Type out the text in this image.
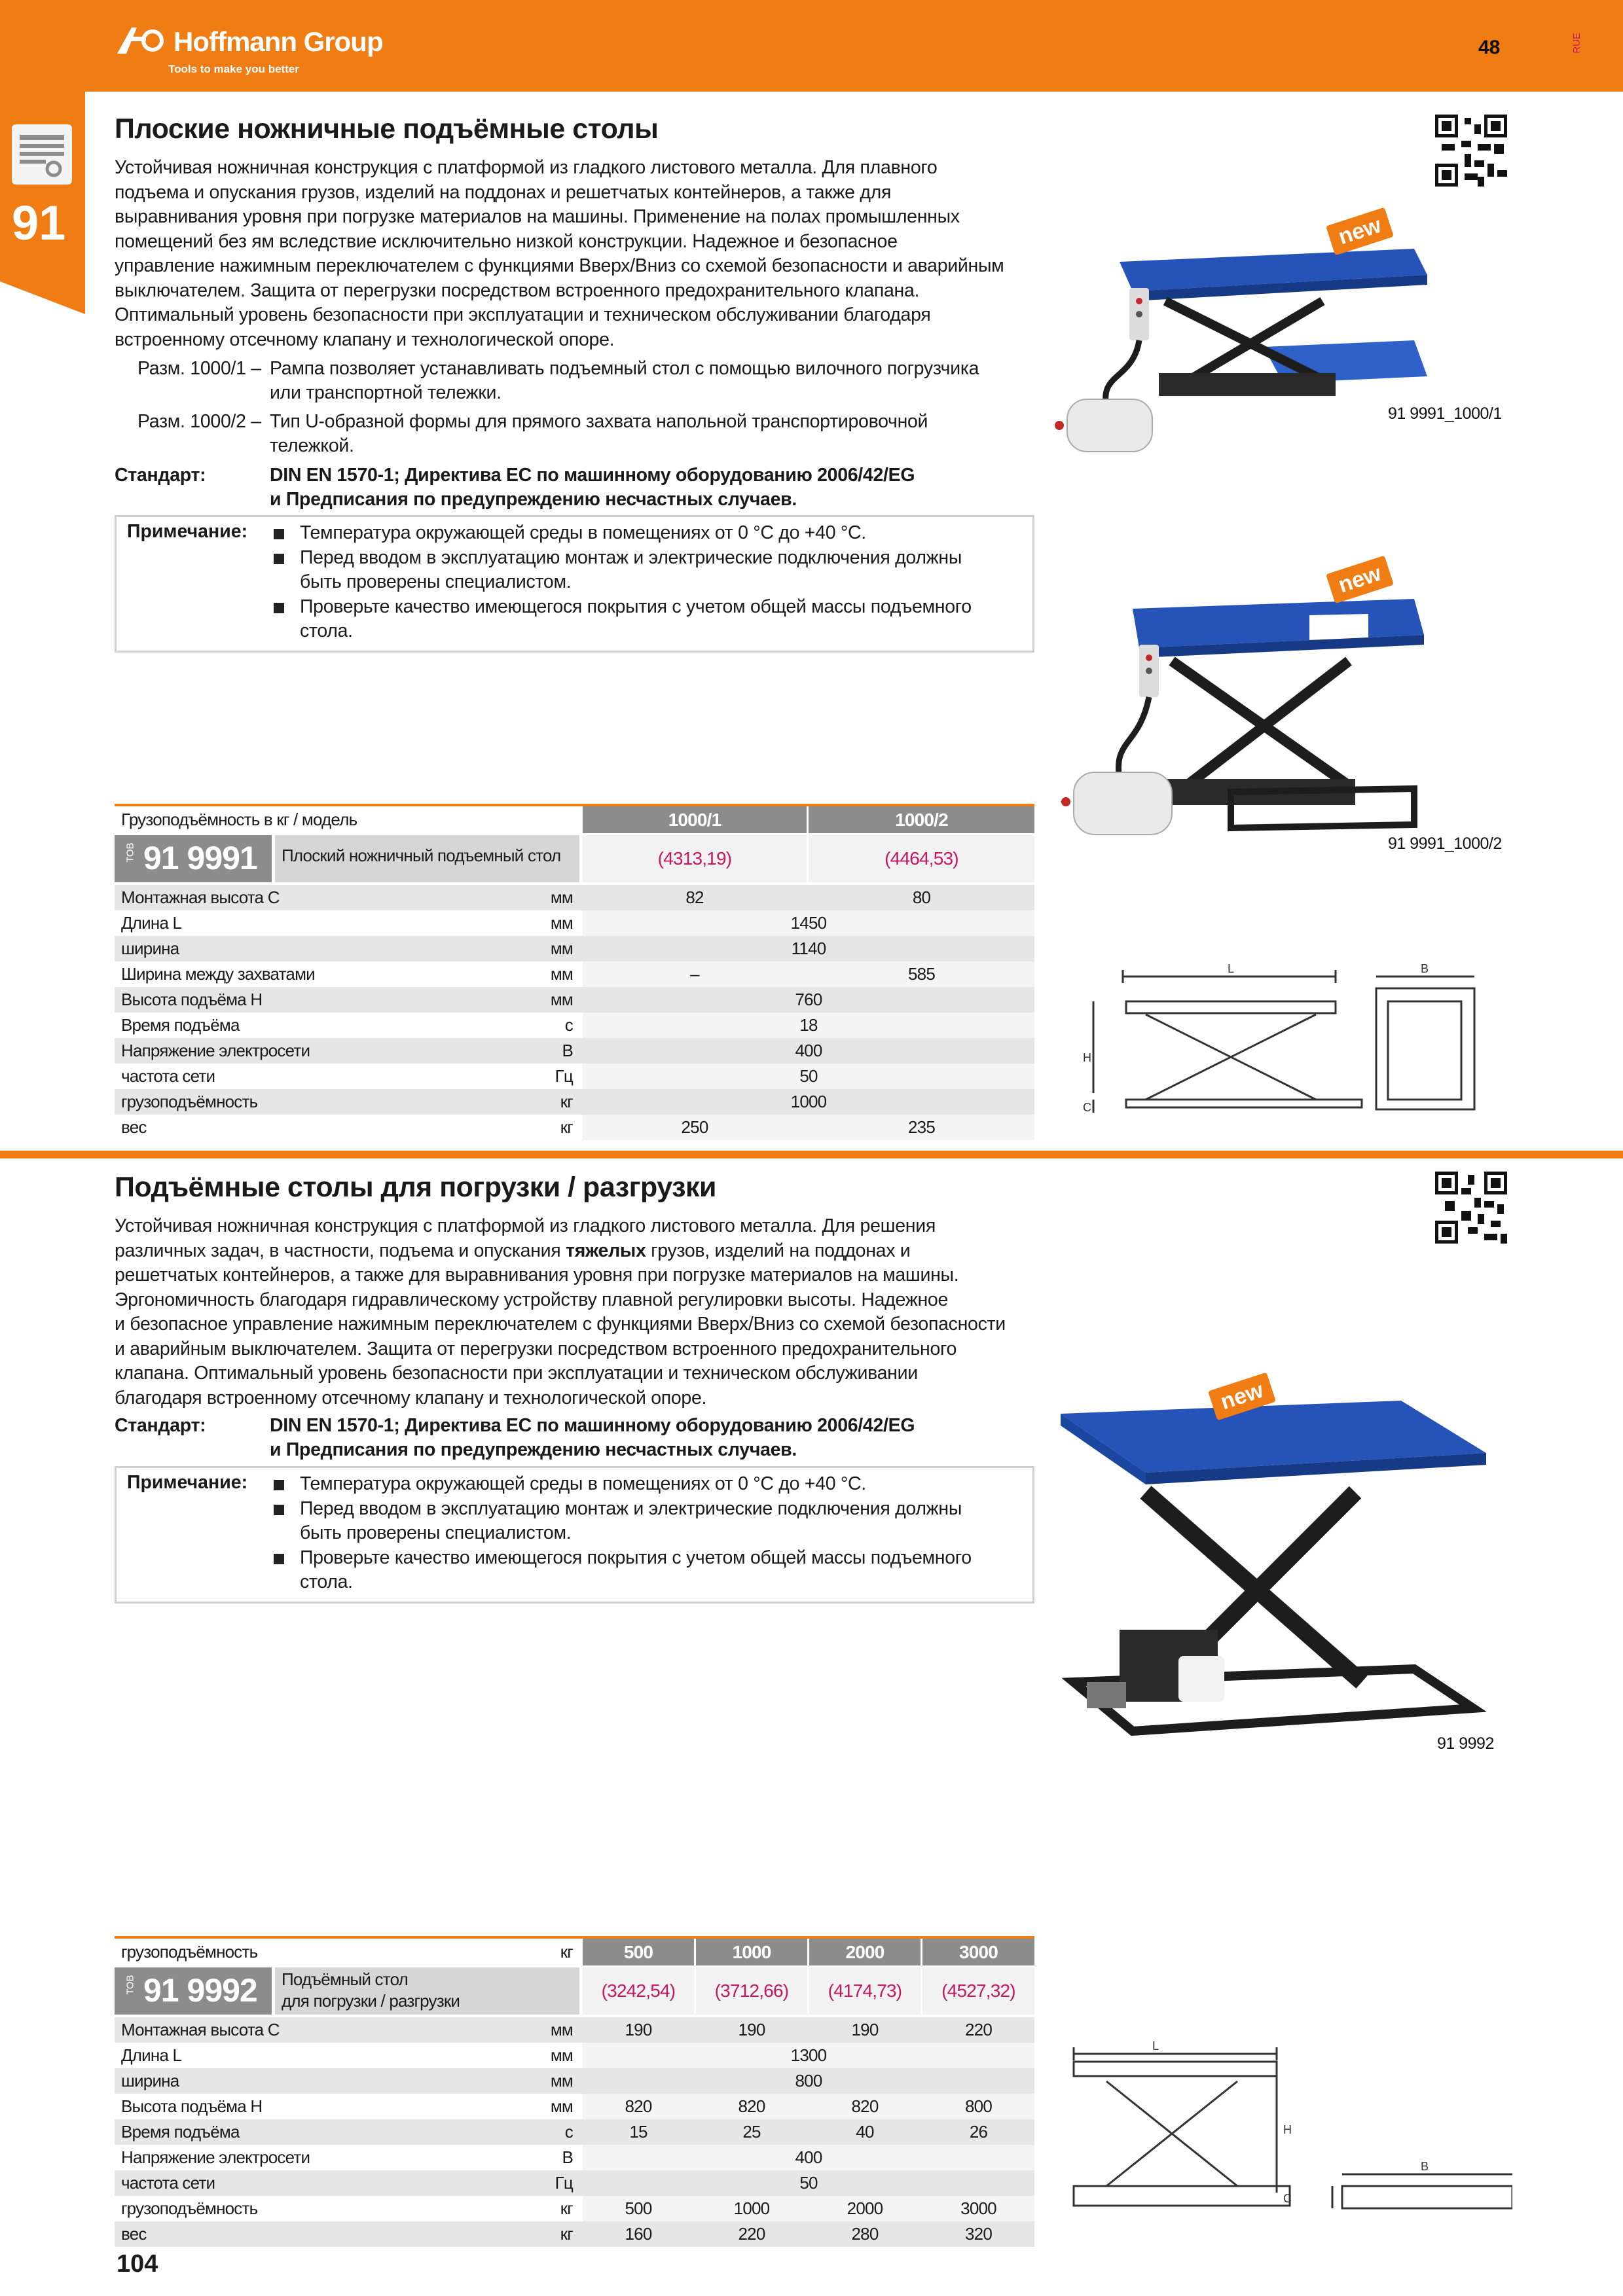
Hoffmann Group
Tools to make you better
48	RUE
91
Плоские ножничные подъёмные столы
Устойчивая ножничная конструкция с платформой из гладкого листового металла. Для плавного
подъема и опускания грузов, изделий на поддонах и решетчатых контейнеров, а также для
выравнивания уровня при погрузке материалов на машины. Применение на полах промышленных
помещений без ям вследствие исключительно низкой конструкции. Надежное и безопасное
управление нажимным переключателем с функциями Вверх/Вниз со схемой безопасности и аварийным
выключателем. Защита от перегрузки посредством встроенного предохранительного клапана.
Оптимальный уровень безопасности при эксплуатации и техническом обслуживании благодаря
встроенному отсечному клапану и технологической опоре.
Разм. 1000/1 – Рампа позволяет устанавливать подъемный стол с помощью вилочного погрузчика
или транспортной тележки.
Разм. 1000/2 – Тип U-образной формы для прямого захвата напольной транспортировочной
тележкой.
Стандарт:	DIN EN 1570-1; Директива ЕС по машинному оборудованию 2006/42/EG
и Предписания по предупреждению несчастных случаев.
Примечание:	Температура окружающей среды в помещениях от 0 °C до +40 °C.
Перед вводом в эксплуатацию монтаж и электрические подключения должны
быть проверены специалистом.
Проверьте качество имеющегося покрытия с учетом общей массы подъемного
стола.
new
91 9991_1000/1
new
91 9991_1000/2
L
H
C
B
Грузоподъёмность в кг / модель	1000/1	1000/2
ТОВ 91 9991 Плоский ножничный подъемный стол	(4313,19)	(4464,53)
Монтажная высота C	мм	82	80
Длина L	мм	1450
ширина	мм	1140
Ширина между захватами	мм	–	585
Высота подъёма H	мм	760
Время подъёма	с	18
Напряжение электросети	В	400
частота сети	Гц	50
грузоподъёмность	кг	1000
вес	кг	250	235
Подъёмные столы для погрузки / разгрузки
Устойчивая ножничная конструкция с платформой из гладкого листового металла. Для решения
различных задач, в частности, подъема и опускания тяжелых грузов, изделий на поддонах и
решетчатых контейнеров, а также для выравнивания уровня при погрузке материалов на машины.
Эргономичность благодаря гидравлическому устройству плавной регулировки высоты. Надежное
и безопасное управление нажимным переключателем с функциями Вверх/Вниз со схемой безопасности
и аварийным выключателем. Защита от перегрузки посредством встроенного предохранительного
клапана. Оптимальный уровень безопасности при эксплуатации и техническом обслуживании
благодаря встроенному отсечному клапану и технологической опоре.
Стандарт:	DIN EN 1570-1; Директива ЕС по машинному оборудованию 2006/42/EG
и Предписания по предупреждению несчастных случаев.
Примечание:	Температура окружающей среды в помещениях от 0 °C до +40 °C.
Перед вводом в эксплуатацию монтаж и электрические подключения должны
быть проверены специалистом.
Проверьте качество имеющегося покрытия с учетом общей массы подъемного
стола.
new
91 9992
L
H
C
B
грузоподъёмность	кг	500	1000	2000	3000
ТОВ 91 9992 Подъёмный стол
для погрузки / разгрузки	(3242,54)	(3712,66)	(4174,73)	(4527,32)
Монтажная высота C	мм	190	190	190	220
Длина L	мм	1300
ширина	мм	800
Высота подъёма H	мм	820	820	820	800
Время подъёма	с	15	25	40	26
Напряжение электросети	В	400
частота сети	Гц	50
грузоподъёмность	кг	500	1000	2000	3000
вес	кг	160	220	280	320
104
